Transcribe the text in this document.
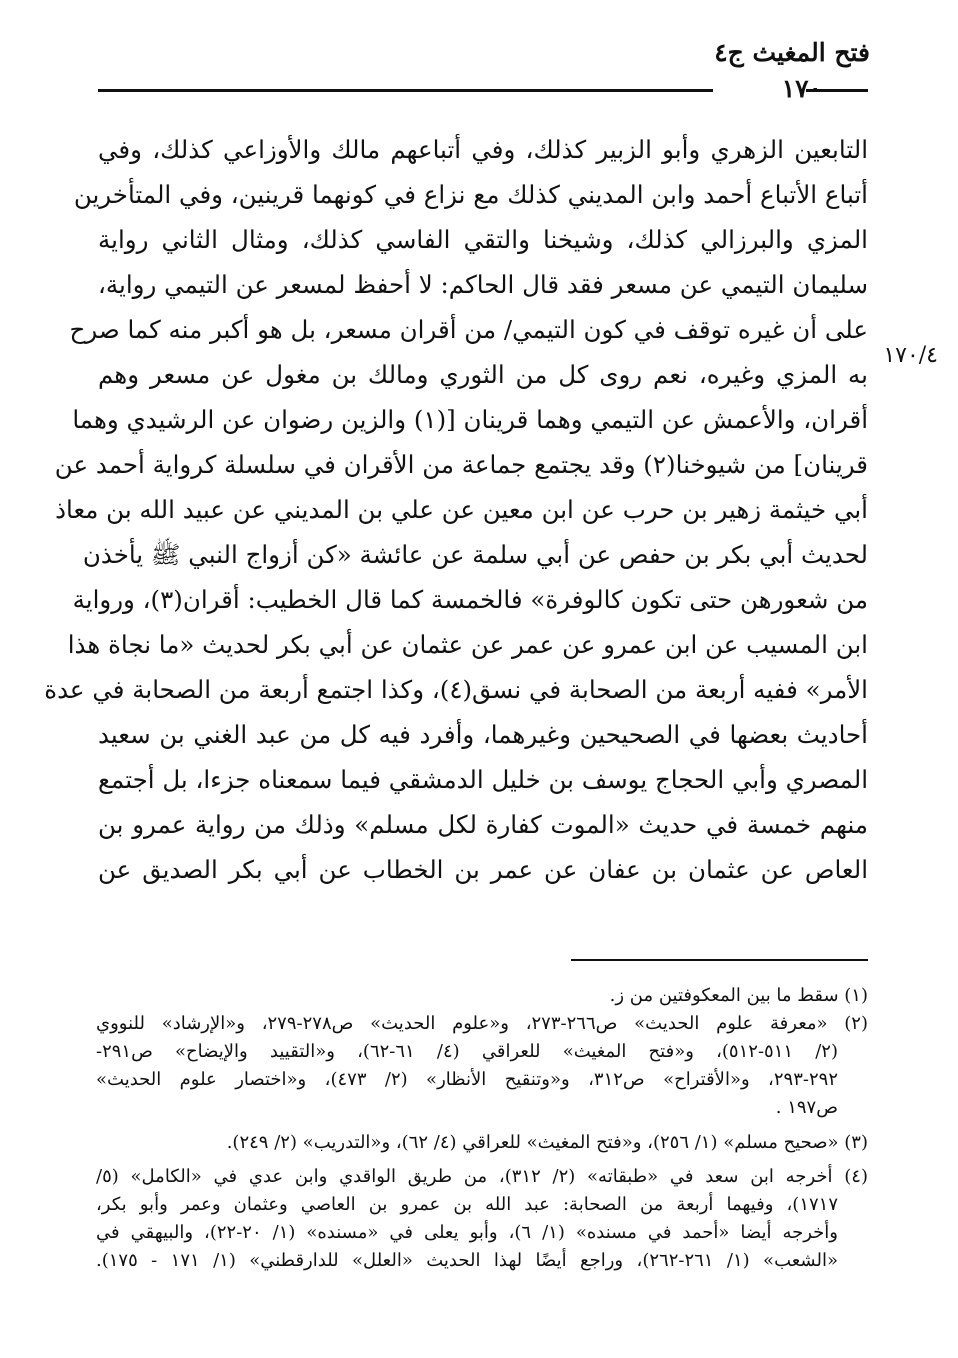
فتح المغيث ج٤
١٧٠
١٧٠/٤
التابعين الزهري وأبو الزبير كذلك، وفي أتباعهم مالك والأوزاعي كذلك، وفي
أتباع الأتباع أحمد وابن المديني كذلك مع نزاع في كونهما قرينين، وفي المتأخرين
المزي والبرزالي كذلك، وشيخنا والتقي الفاسي كذلك، ومثال الثاني رواية
سليمان التيمي عن مسعر فقد قال الحاكم: لا أحفظ لمسعر عن التيمي رواية،
على أن غيره توقف في كون التيمي/ من أقران مسعر، بل هو أكبر منه كما صرح
به المزي وغيره، نعم روى كل من الثوري ومالك بن مغول عن مسعر وهم
أقران، والأعمش عن التيمي وهما قرينان [(١) والزين رضوان عن الرشيدي وهما
قرينان] من شيوخنا(٢) وقد يجتمع جماعة من الأقران في سلسلة كرواية أحمد عن
أبي خيثمة زهير بن حرب عن ابن معين عن علي بن المديني عن عبيد الله بن معاذ
لحديث أبي بكر بن حفص عن أبي سلمة عن عائشة «كن أزواج النبي ﷺ يأخذن
من شعورهن حتى تكون كالوفرة» فالخمسة كما قال الخطيب: أقران(٣)، ورواية
ابن المسيب عن ابن عمرو عن عمر عن عثمان عن أبي بكر لحديث «ما نجاة هذا
الأمر» ففيه أربعة من الصحابة في نسق(٤)، وكذا اجتمع أربعة من الصحابة في عدة
أحاديث بعضها في الصحيحين وغيرهما، وأفرد فيه كل من عبد الغني بن سعيد
المصري وأبي الحجاج يوسف بن خليل الدمشقي فيما سمعناه جزءا، بل أجتمع
منهم خمسة في حديث «الموت كفارة لكل مسلم» وذلك من رواية عمرو بن
العاص عن عثمان بن عفان عن عمر بن الخطاب عن أبي بكر الصديق عن
(١) سقط ما بين المعكوفتين من ز.
(٢) «معرفة علوم الحديث» ص٢٦٦-٢٧٣، و«علوم الحديث» ص٢٧٨-٢٧٩، و«الإرشاد» للنووي
(٢/ ٥١١-٥١٢)، و«فتح المغيث» للعراقي (٤/ ٦١-٦٢)، و«التقييد والإيضاح» ص٢٩١-
٢٩٢-٢٩٣، و«الأقتراح» ص٣١٢، و«وتنقيح الأنظار» (٢/ ٤٧٣)، و«اختصار علوم الحديث»
ص١٩٧ .
(٣) «صحيح مسلم» (١/ ٢٥٦)، و«فتح المغيث» للعراقي (٤/ ٦٢)، و«التدريب» (٢/ ٢٤٩).
(٤) أخرجه ابن سعد في «طبقاته» (٢/ ٣١٢)، من طريق الواقدي وابن عدي في «الكامل» (٥/
١٧١٧)، وفيهما أربعة من الصحابة: عبد الله بن عمرو بن العاصي وعثمان وعمر وأبو بكر،
وأخرجه أيضا «أحمد في مسنده» (١/ ٦)، وأبو يعلى في «مسنده» (١/ ٢٠-٢٢)، والبيهقي في
«الشعب» (١/ ٢٦١-٢٦٢)، وراجع أيضًا لهذا الحديث «العلل» للدارقطني» (١/ ١٧١ - ١٧٥).
